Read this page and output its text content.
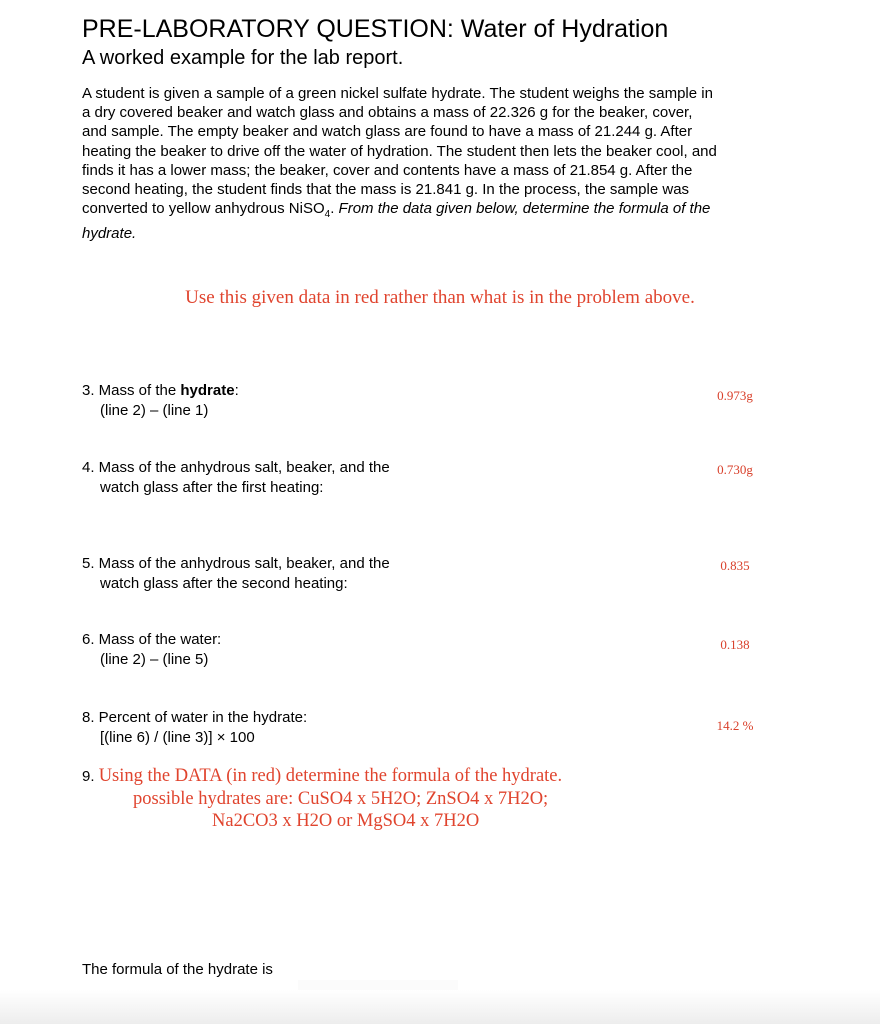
PRE-LABORATORY QUESTION: Water of Hydration
A worked example for the lab report.
A student is given a sample of a green nickel sulfate hydrate. The student weighs the sample in
a dry covered beaker and watch glass and obtains a mass of 22.326 g for the beaker, cover,
and sample. The empty beaker and watch glass are found to have a mass of 21.244 g. After
heating the beaker to drive off the water of hydration. The student then lets the beaker cool, and
finds it has a lower mass; the beaker, cover and contents have a mass of 21.854 g. After the
second heating, the student finds that the mass is 21.841 g. In the process, the sample was
converted to yellow anhydrous NiSO$_4$. From the data given below, determine the formula of the
hydrate.
Use this given data in red rather than what is in the problem above.
3. Mass of the hydrate:
(line 2) – (line 1)
0.973g
4. Mass of the anhydrous salt, beaker, and the
watch glass after the first heating:
0.730g
5. Mass of the anhydrous salt, beaker, and the
watch glass after the second heating:
0.835
6. Mass of the water:
(line 2) – (line 5)
0.138
8. Percent of water in the hydrate:
[(line 6) / (line 3)] × 100
14.2 %
9. Using the DATA (in red) determine the formula of the hydrate.
possible hydrates are: CuSO4 x 5H2O; ZnSO4 x 7H2O;
Na2CO3 x H2O or MgSO4 x 7H2O
The formula of the hydrate is
